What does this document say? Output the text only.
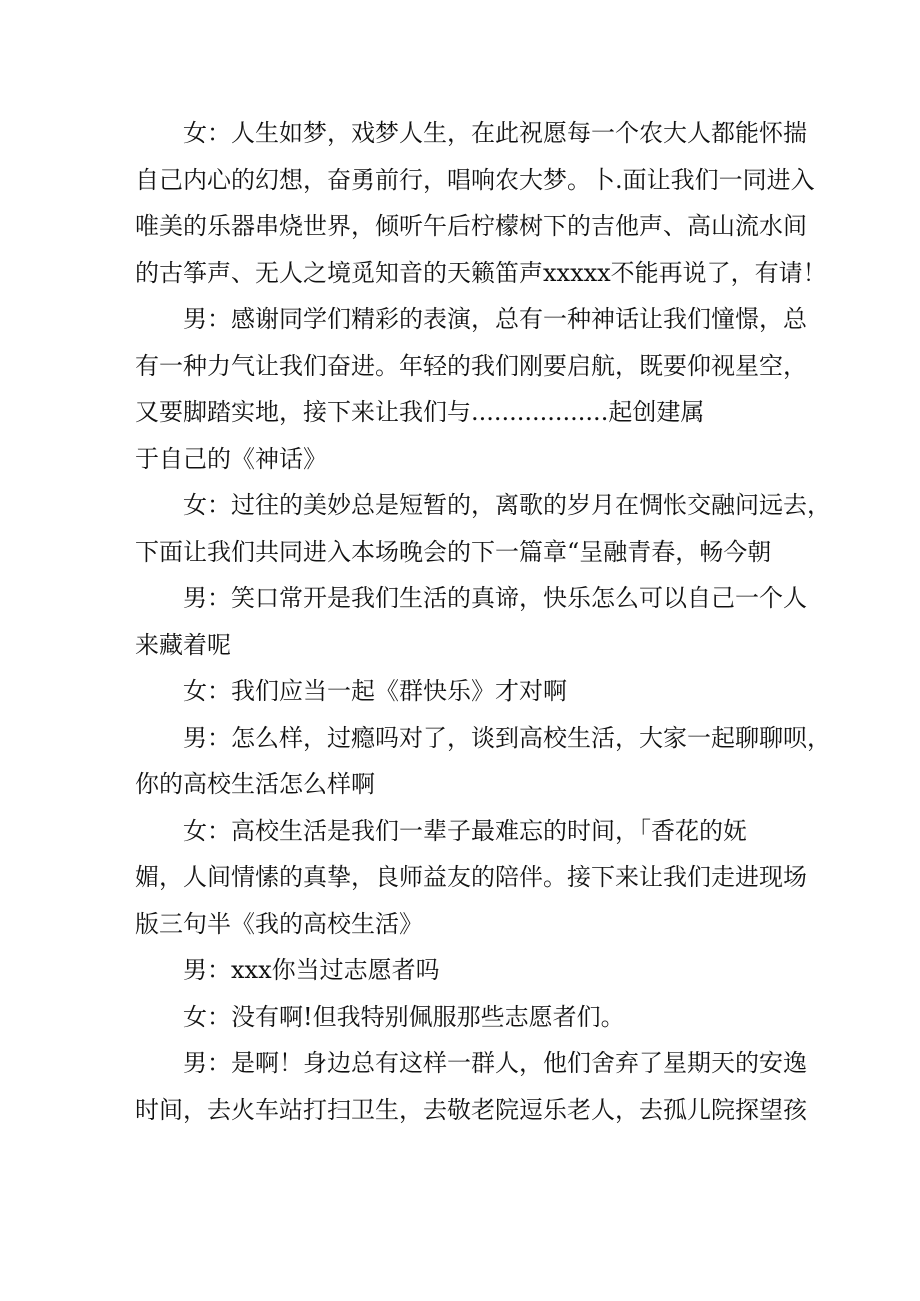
女：人生如梦，戏梦人生，在此祝愿每一个农大人都能怀揣
自己内心的幻想，奋勇前行，唱响农大梦。卜.面让我们一同进入
唯美的乐器串烧世界，倾听午后柠檬树下的吉他声、高山流水间
的古筝声、无人之境觅知音的天籁笛声xxxxx不能再说了，有请！
男：感谢同学们精彩的表演，总有一种神话让我们憧憬，总
有一种力气让我们奋进。年轻的我们刚要启航，既要仰视星空，
又要脚踏实地，接下来让我们与..................起创建属
于自己的《神话》
女：过往的美妙总是短暂的，离歌的岁月在惆怅交融问远去，
下面让我们共同进入本场晚会的下一篇章“呈融青春，畅今朝
男：笑口常开是我们生活的真谛，快乐怎么可以自己一个人
来藏着呢
女：我们应当一起《群快乐》才对啊
男：怎么样，过瘾吗对了，谈到高校生活，大家一起聊聊呗，
你的高校生活怎么样啊
女：高校生活是我们一辈子最难忘的时间，「香花的妩
媚，人间情愫的真挚，良师益友的陪伴。接下来让我们走进现场
版三句半《我的高校生活》
男：xxx你当过志愿者吗
女：没有啊!但我特别佩服那些志愿者们。
男：是啊！身边总有这样一群人，他们舍弃了星期天的安逸
时间，去火车站打扫卫生，去敬老院逗乐老人，去孤儿院探望孩
